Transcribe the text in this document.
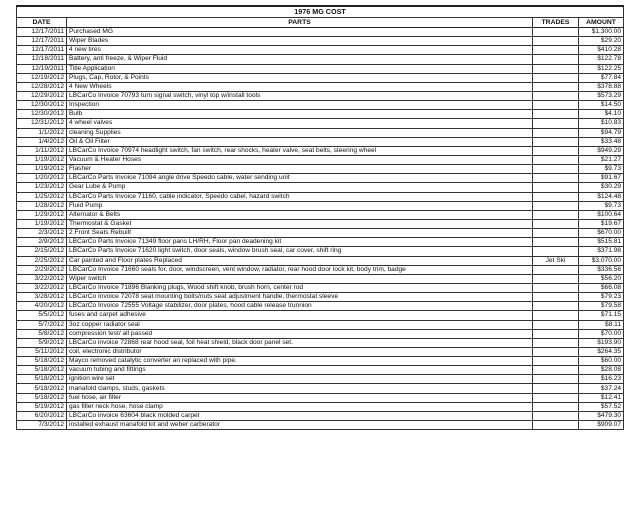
1976 MG COST			
DATE	PARTS	TRADES	AMOUNT
12/17/2011	Purchased MG		$1,300.00
12/17/2011	Wiper Blades		$29.20
12/17/2011	4 new tires		$410.28
12/18/2011	Battery, anti freeze, & Wiper Fluid		$122.78
12/19/2011	Title Application		$122.25
12/19/2012	Plugs, Cap, Rotor, & Points		$77.84
12/28/2012	4 New Wheels		$378.88
12/29/2012	LBCarCo Invoice 70793 turn signal switch, vinyl top w/install tools		$573.29
12/30/2012	Inspection		$14.50
12/30/2012	Bulb		$4.10
12/31/2012	4 wheel valves		$10.83
1/1/2012	cleaning Supplies		$94.79
1/4/2012	Oil & Oil Filter		$33.48
1/11/2012	LBCarCo Invoice 70974 headlight switch, fan switch, rear shocks, heater valve, seat belts, steering wheel		$949.29
1/19/2012	Vacuum & Heater Hoses		$21.27
1/19/2012	Flasher		$9.73
1/20/2012	LBCarCo Parts Invoice 71094 angle drive Speedo cable, water sending unit		$91.67
1/23/2012	Gear Lube & Pump		$30.29
1/25/2012	LBCarCo Parts Invoice 71160, cable indicator, Speedo cabel, hazard switch		$124.48
1/28/2012	Fluid Pump		$9.73
1/29/2012	Alternator & Belts		$100.64
1/19/2012	Thermostat & Gasket		$19.67
2/3/2012	2 Front Seats Rebuilt		$670.00
2/9/2012	LBCarCo Parts Invoice 71349 floor pans LH/RH, Floor pan deadening kit		$515.81
2/15/2012	LBCarCo Parts Invoice 71620 light switch, door seals, window brush seal, car cover, shift ring		$371.98
2/25/2012	Car painted and Floor plates Replaced	Jet Ski	$3,070.00
2/29/2012	LBCarCo Invoice 71660 seals for, door, windscreen, vent window, radiator, rear hood door lock kit, body trim, badge		$336.56
3/22/2012	Wiper switch		$56.20
3/22/2012	LBCarCo Invoice 71896 Blanking plugs, Wood shift knob, brush horn, center rod		$66.08
3/28/2012	LBCarCo Invoice 72078 seat mounting bolts/nuts seat adjustment handle, thermostat sleeve		$79.23
4/20/2012	LBCarCo Invoice 72555 Voltage stabilizer, door plates, hood cable release trunnion		$79.58
5/5/2012	fuses and carpet adhesive		$71.15
5/7/2012	3oz copper radiator seal		$8.11
5/8/2012	compression test/ all passed		$70.00
5/9/2012	LBCarCo invoice 72868 rear hood seal, foil heat shield, black door panel set.		$193.90
5/11/2012	coil, electronic distributor		$264.35
5/18/2012	Mayco removed catalytic converter an replaced with pipe.		$60.00
5/18/2012	vacuum tubing and fittings		$28.08
5/18/2012	ignition wire set		$16.23
5/18/2012	manafold clamps, studs, gaskets		$37.24
5/18/2012	fuel hose, air filter		$12.41
5/19/2012	gas filler neck hose, hose clamp		$57.52
6/20/2012	LBCarCo invoice 63604 black molded carpet		$479.30
7/3/2012	installed exhaust manafold kit and weber carberator		$909.07
